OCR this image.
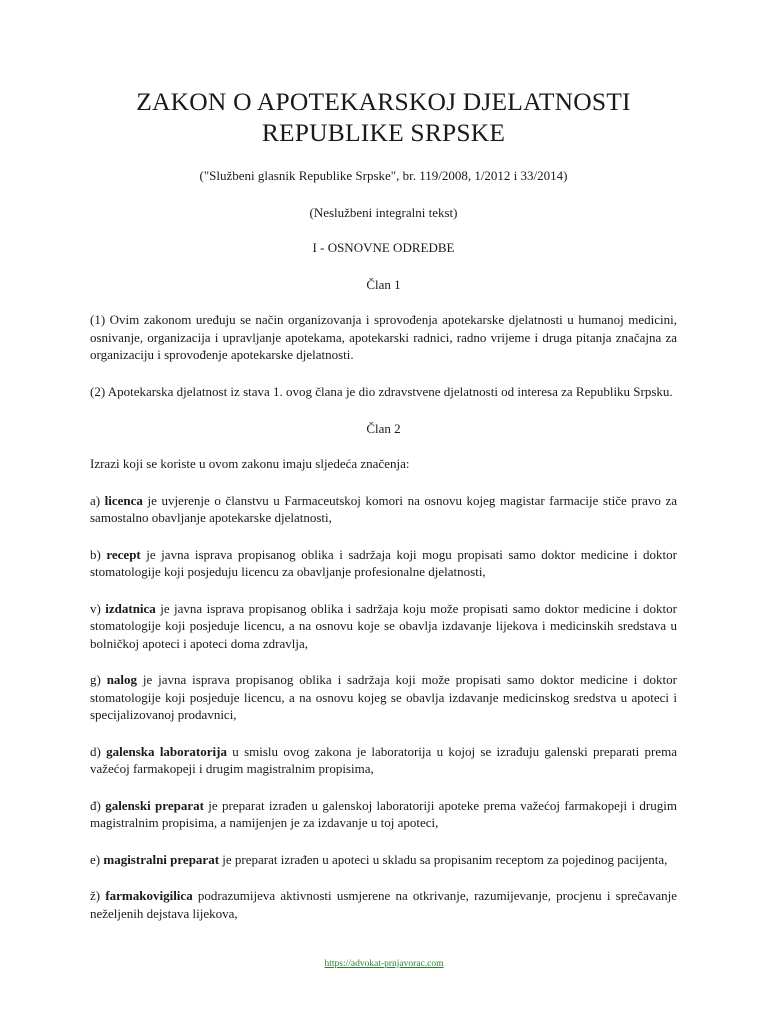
ZAKON O APOTEKARSKOJ DJELATNOSTI
REPUBLIKE SRPSKE

("Službeni glasnik Republike Srpske", br. 119/2008, 1/2012 i 33/2014)

(Neslužbeni integralni tekst)

I - OSNOVNE ODREDBE

Član 1

(1) Ovim zakonom uređuju se način organizovanja i sprovođenja apotekarske djelatnosti u humanoj medicini, osnivanje, organizacija i upravljanje apotekama, apotekarski radnici, radno vrijeme i druga pitanja značajna za organizaciju i sprovođenje apotekarske djelatnosti.

(2) Apotekarska djelatnost iz stava 1. ovog člana je dio zdravstvene djelatnosti od interesa za Republiku Srpsku.

Član 2

Izrazi koji se koriste u ovom zakonu imaju sljedeća značenja:

a) licenca je uvjerenje o članstvu u Farmaceutskoj komori na osnovu kojeg magistar farmacije stiče pravo za samostalno obavljanje apotekarske djelatnosti,

b) recept je javna isprava propisanog oblika i sadržaja koji mogu propisati samo doktor medicine i doktor stomatologije koji posjeduju licencu za obavljanje profesionalne djelatnosti,

v) izdatnica je javna isprava propisanog oblika i sadržaja koju može propisati samo doktor medicine i doktor stomatologije koji posjeduje licencu, a na osnovu koje se obavlja izdavanje lijekova i medicinskih sredstava u bolničkoj apoteci i apoteci doma zdravlja,

g) nalog je javna isprava propisanog oblika i sadržaja koji može propisati samo doktor medicine i doktor stomatologije koji posjeduje licencu, a na osnovu kojeg se obavlja izdavanje medicinskog sredstva u apoteci i specijalizovanoj prodavnici,

d) galenska laboratorija u smislu ovog zakona je laboratorija u kojoj se izrađuju galenski preparati prema važećoj farmakopeji i drugim magistralnim propisima,

đ) galenski preparat je preparat izrađen u galenskoj laboratoriji apoteke prema važećoj farmakopeji i drugim magistralnim propisima, a namijenjen je za izdavanje u toj apoteci,

e) magistralni preparat je preparat izrađen u apoteci u skladu sa propisanim receptom za pojedinog pacijenta,

ž) farmakovigilica podrazumijeva aktivnosti usmjerene na otkrivanje, razumijevanje, procjenu i sprečavanje neželjenih dejstava lijekova,

https://advokat-prnjavorac.com
